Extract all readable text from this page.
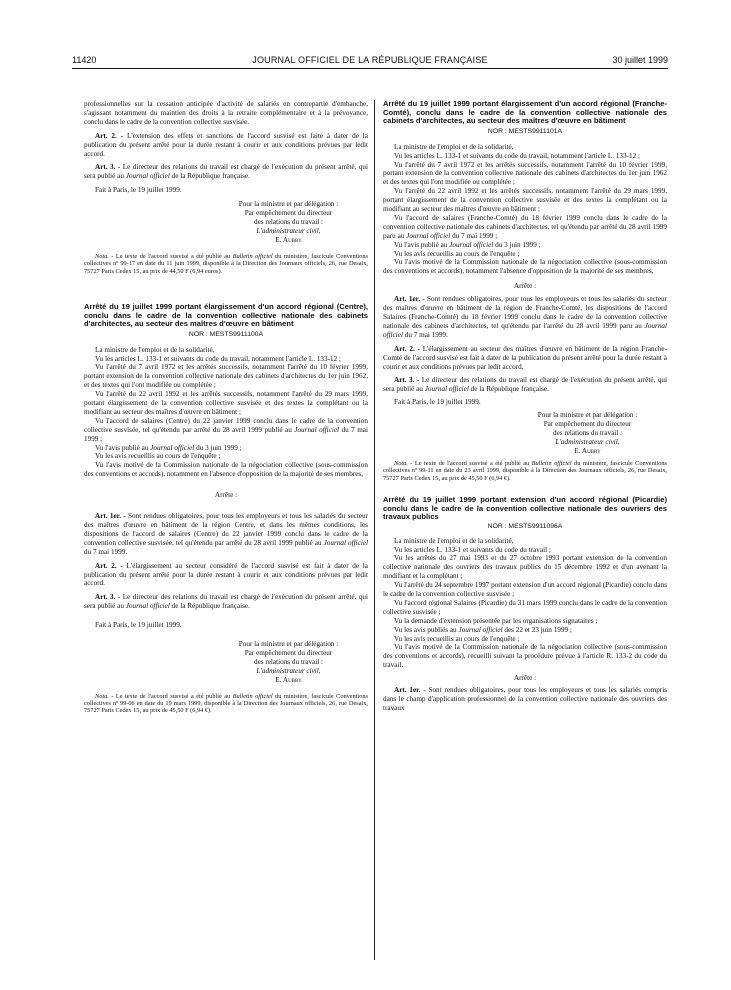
11420	JOURNAL OFFICIEL DE LA RÉPUBLIQUE FRANÇAISE	30 juillet 1999

professionnelles sur la cessation anticipée d'activité de salariés en contrepartie d'embauche, s'agissant notamment du maintien des droits à la retraite complémentaire et à la prévoyance, conclu dans le cadre de la convention collective susvisée.

Art. 2. - L'extension des effets et sanctions de l'accord susvisé est faite à dater de la publication du présent arrêté pour la durée restant à courir et aux conditions prévues par ledit accord.

Art. 3. - Le directeur des relations du travail est chargé de l'exécution du présent arrêté, qui sera publié au Journal officiel de la République française.

Fait à Paris, le 19 juillet 1999.

Pour la ministre et par délégation :

Par empêchement du directeur

des relations du travail :

L'administrateur civil,

E. Aubry

Nota. - Le texte de l'accord susvisé a été publié au Bulletin officiel du ministère, fascicule Conventions collectives nº 99-17 en date du 11 juin 1999, disponible à la Direction des Journaux officiels, 26, rue Desaix, 75727 Paris Cedex 15, au prix de 44,50 F (6,94 euros).

Arrêté du 19 juillet 1999 portant élargissement d'un accord régional (Centre), conclu dans le cadre de la convention collective nationale des cabinets d'architectes, au secteur des maîtres d'œuvre en bâtiment

NOR : MESTS9911100A

La ministre de l'emploi et de la solidarité,

Vu les articles L. 133-1 et suivants du code du travail, notamment l'article L. 133-12 ;

Vu l'arrêté du 7 avril 1972 et les arrêtés successifs, notamment l'arrêté du 10 février 1999, portant extension de la convention collective nationale des cabinets d'architectes du 1er juin 1962, et des textes qui l'ont modifiée ou complétée ;

Vu l'arrêté du 22 avril 1992 et les arrêtés successifs, notamment l'arrêté du 29 mars 1999, portant élargissement de la convention collective susvisée et des textes la complétant ou la modifiant au secteur des maîtres d'œuvre en bâtiment ;

Vu l'accord de salaires (Centre) du 22 janvier 1999 conclu dans le cadre de la convention collective susvisée, tel qu'étendu par arrêté du 28 avril 1999 publié au Journal officiel du 7 mai 1999 ;

Vu l'avis publié au Journal officiel du 3 juin 1999 ;

Vu les avis recueillis au cours de l'enquête ;

Vu l'avis motivé de la Commission nationale de la négociation collective (sous-commission des conventions et accords), notamment en l'absence d'opposition de la majorité de ses membres,

Arrête :

Art. 1er. - Sont rendues obligatoires, pour tous les employeurs et tous les salariés du secteur des maîtres d'œuvre en bâtiment de la région Centre, et dans les mêmes conditions, les dispositions de l'accord de salaires (Centre) du 22 janvier 1999 conclu dans le cadre de la convention collective susvisée, tel qu'étendu par arrêté du 28 avril 1999 publié au Journal officiel du 7 mai 1999.

Art. 2. - L'élargissement au secteur considéré de l'accord susvisé est fait à dater de la publication du présent arrêté pour la durée restant à courir et aux conditions prévues par ledit accord.

Art. 3. - Le directeur des relations du travail est chargé de l'exécution du présent arrêté, qui sera publié au Journal officiel de la République française.

Fait à Paris, le 19 juillet 1999.

Pour la ministre et par délégation :

Par empêchement du directeur

des relations du travail :

L'administrateur civil,

E. Aubry

Nota. - Le texte de l'accord susvisé a été publié au Bulletin officiel du ministère, fascicule Conventions collectives nº 99-06 en date du 19 mars 1999, disponible à la Direction des Journaux officiels, 26, rue Desaix, 75727 Paris Cedex 15, au prix de 45,50 F (6,94 €).

Arrêté du 19 juillet 1999 portant élargissement d'un accord régional (Franche-Comté), conclu dans le cadre de la convention collective nationale des cabinets d'architectes, au secteur des maîtres d'œuvre en bâtiment

NOR : MESTS9911101A

La ministre de l'emploi et de la solidarité,

Vu les articles L. 133-1 et suivants du code du travail, notamment l'article L. 133-12 ;

Vu l'arrêté du 7 avril 1972 et les arrêtés successifs, notamment l'arrêté du 10 février 1999, portant extension de la convention collective nationale des cabinets d'architectes du 1er juin 1962 et des textes qui l'ont modifiée ou complétée ;

Vu l'arrêté du 22 avril 1992 et les arrêtés successifs, notamment l'arrêté du 29 mars 1999, portant élargissement de la convention collective susvisée et des textes la complétant ou la modifiant au secteur des maîtres d'œuvre en bâtiment ;

Vu l'accord de salaires (Franche-Comté) du 18 février 1999 conclu dans le cadre de la convention collective nationale des cabinets d'architectes, tel qu'étendu par arrêté du 28 avril 1999 paru au Journal officiel du 7 mai 1999 ;

Vu l'avis publié au Journal officiel du 3 juin 1999 ;

Vu les avis recueillis au cours de l'enquête ;

Vu l'avis motivé de la Commission nationale de la négociation collective (sous-commission des conventions et accords), notamment l'absence d'opposition de la majorité de ses membres,

Arrête :

Art. 1er. - Sont rendues obligatoires, pour tous les employeurs et tous les salariés du secteur des maîtres d'œuvre en bâtiment de la région de Franche-Comté, les dispositions de l'accord Salaires (Franche-Comté) du 18 février 1999 conclu dans le cadre de la convention collective nationale des cabinets d'architectes, tel qu'étendu par l'arrêté du 28 avril 1999 paru au Journal officiel du 7 mai 1999.

Art. 2. - L'élargissement au secteur des maîtres d'œuvre en bâtiment de la région Franche-Comté de l'accord susvisé est fait à dater de la publication du présent arrêté pour la durée restant à courir et aux conditions prévues par ledit accord.

Art. 3. - Le directeur des relations du travail est chargé de l'exécution du présent arrêté, qui sera publié au Journal officiel de la République française.

Fait à Paris, le 19 juillet 1999.

Pour la ministre et par délégation :

Par empêchement du directeur

des relations du travail :

L'administrateur civil,

E. Aubry

Nota. - Le texte de l'accord susvisé a été publié au Bulletin officiel du ministère, fascicule Conventions collectives nº 99-11 en date du 23 avril 1999, disponible à la Direction des Journaux officiels, 26, rue Desaix, 75727 Paris Cedex 15, au prix de 45,50 F (6,94 €).

Arrêté du 19 juillet 1999 portant extension d'un accord régional (Picardie) conclu dans le cadre de la convention collective nationale des ouvriers des travaux publics

NOR : MESTS9911096A

La ministre de l'emploi et de la solidarité,

Vu les articles L. 133-1 et suivants du code du travail ;

Vu les arrêtés du 27 mai 1993 et du 27 octobre 1993 portant extension de la convention collective nationale des ouvriers des travaux publics du 15 décembre 1992 et d'un avenant la modifiant et la complétant ;

Vu l'arrêté du 24 septembre 1997 portant extension d'un accord régional (Picardie) conclu dans le cadre de la convention collective susvisée ;

Vu l'accord régional Salaires (Picardie) du 31 mars 1999 conclu dans le cadre de la convention collective susvisée ;

Vu la demande d'extension présentée par les organisations signataires ;

Vu les avis publiés au Journal officiel des 22 et 23 juin 1999 ;

Vu les avis recueillis au cours de l'enquête ;

Vu l'avis motivé de la Commission nationale de la négociation collective (sous-commission des conventions et accords), recueilli suivant la procédure prévue à l'article R. 133-2 du code du travail,

Arrête :

Art. 1er. - Sont rendues obligatoires, pour tous les employeurs et tous les salariés compris dans le champ d'application professionnel de la convention collective nationale des ouvriers des travaux
